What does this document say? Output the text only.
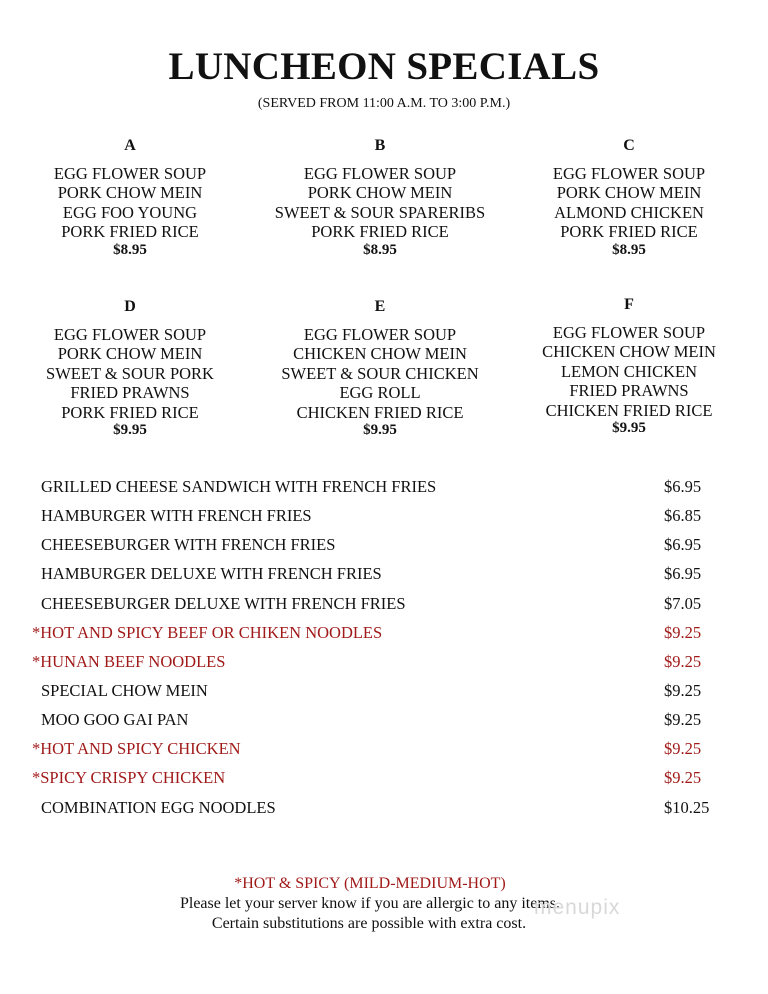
LUNCHEON SPECIALS
(SERVED FROM 11:00 A.M. TO 3:00 P.M.)
A
EGG FLOWER SOUP
PORK CHOW MEIN
EGG FOO YOUNG
PORK FRIED RICE
$8.95
B
EGG FLOWER SOUP
PORK CHOW MEIN
SWEET & SOUR SPARERIBS
PORK FRIED RICE
$8.95
C
EGG FLOWER SOUP
PORK CHOW MEIN
ALMOND CHICKEN
PORK FRIED RICE
$8.95
D
EGG FLOWER SOUP
PORK CHOW MEIN
SWEET & SOUR PORK
FRIED PRAWNS
PORK FRIED RICE
$9.95
E
EGG FLOWER SOUP
CHICKEN CHOW MEIN
SWEET & SOUR CHICKEN
EGG ROLL
CHICKEN FRIED RICE
$9.95
F
EGG FLOWER SOUP
CHICKEN CHOW MEIN
LEMON CHICKEN
FRIED PRAWNS
CHICKEN FRIED RICE
$9.95
GRILLED CHEESE SANDWICH WITH FRENCH FRIES	$6.95
HAMBURGER WITH FRENCH FRIES	$6.85
CHEESEBURGER WITH FRENCH FRIES	$6.95
HAMBURGER DELUXE WITH FRENCH FRIES	$6.95
CHEESEBURGER DELUXE WITH FRENCH FRIES	$7.05
*HOT AND SPICY BEEF OR CHIKEN NOODLES	$9.25
*HUNAN BEEF NOODLES	$9.25
SPECIAL CHOW MEIN	$9.25
MOO GOO GAI PAN	$9.25
*HOT AND SPICY CHICKEN	$9.25
*SPICY CRISPY CHICKEN	$9.25
COMBINATION EGG NOODLES	$10.25
*HOT & SPICY (MILD-MEDIUM-HOT)
Please let your server know if you are allergic to any items.
Certain substitutions are possible with extra cost.
menupix
